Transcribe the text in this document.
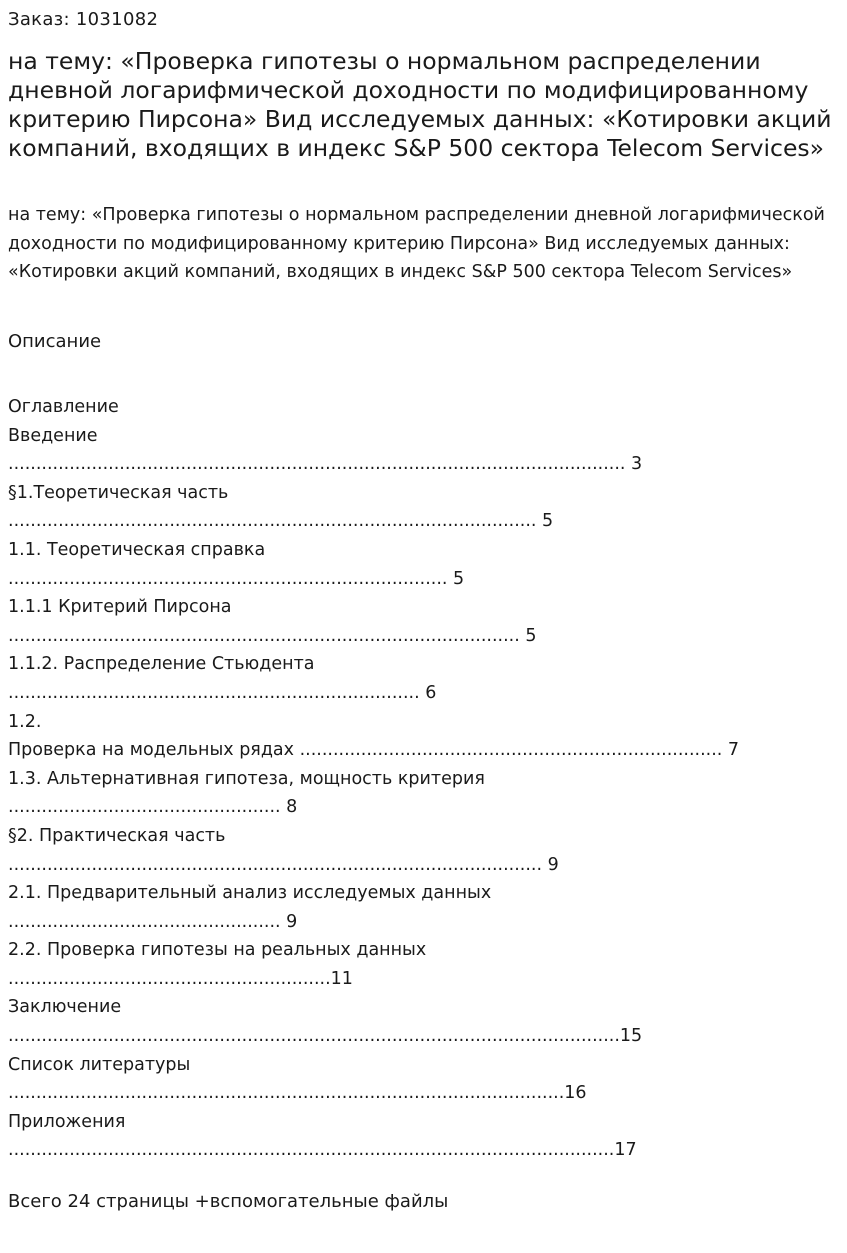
Заказ: 1031082
на тему: «Проверка гипотезы о нормальном распределении дневной логарифмической доходности по модифицированному критерию Пирсона» Вид исследуемых данных: «Котировки акций компаний, входящих в индекс S&P 500 сектора Telecom Services»

на тему: «Проверка гипотезы о нормальном распределении дневной логарифмической доходности по модифицированному критерию Пирсона» Вид исследуемых данных: «Котировки акций компаний, входящих в индекс S&P 500 сектора Telecom Services»

Описание
Оглавление
Введение
............................................................................................................... 3
§1.Теоретическая часть
............................................................................................... 5
1.1. Теоретическая справка
............................................................................... 5
1.1.1 Критерий Пирсона
............................................................................................ 5
1.1.2. Распределение Стьюдента
.......................................................................... 6
1.2.
Проверка на модельных рядах ............................................................................ 7
1.3. Альтернативная гипотеза, мощность критерия
................................................. 8
§2. Практическая часть
................................................................................................ 9
2.1. Предварительный анализ исследуемых данных
................................................. 9
2.2. Проверка гипотезы на реальных данных
..........................................................11
Заключение
..............................................................................................................15
Список литературы
....................................................................................................16
Приложения
.............................................................................................................17
Всего 24 страницы +вспомогательные файлы
